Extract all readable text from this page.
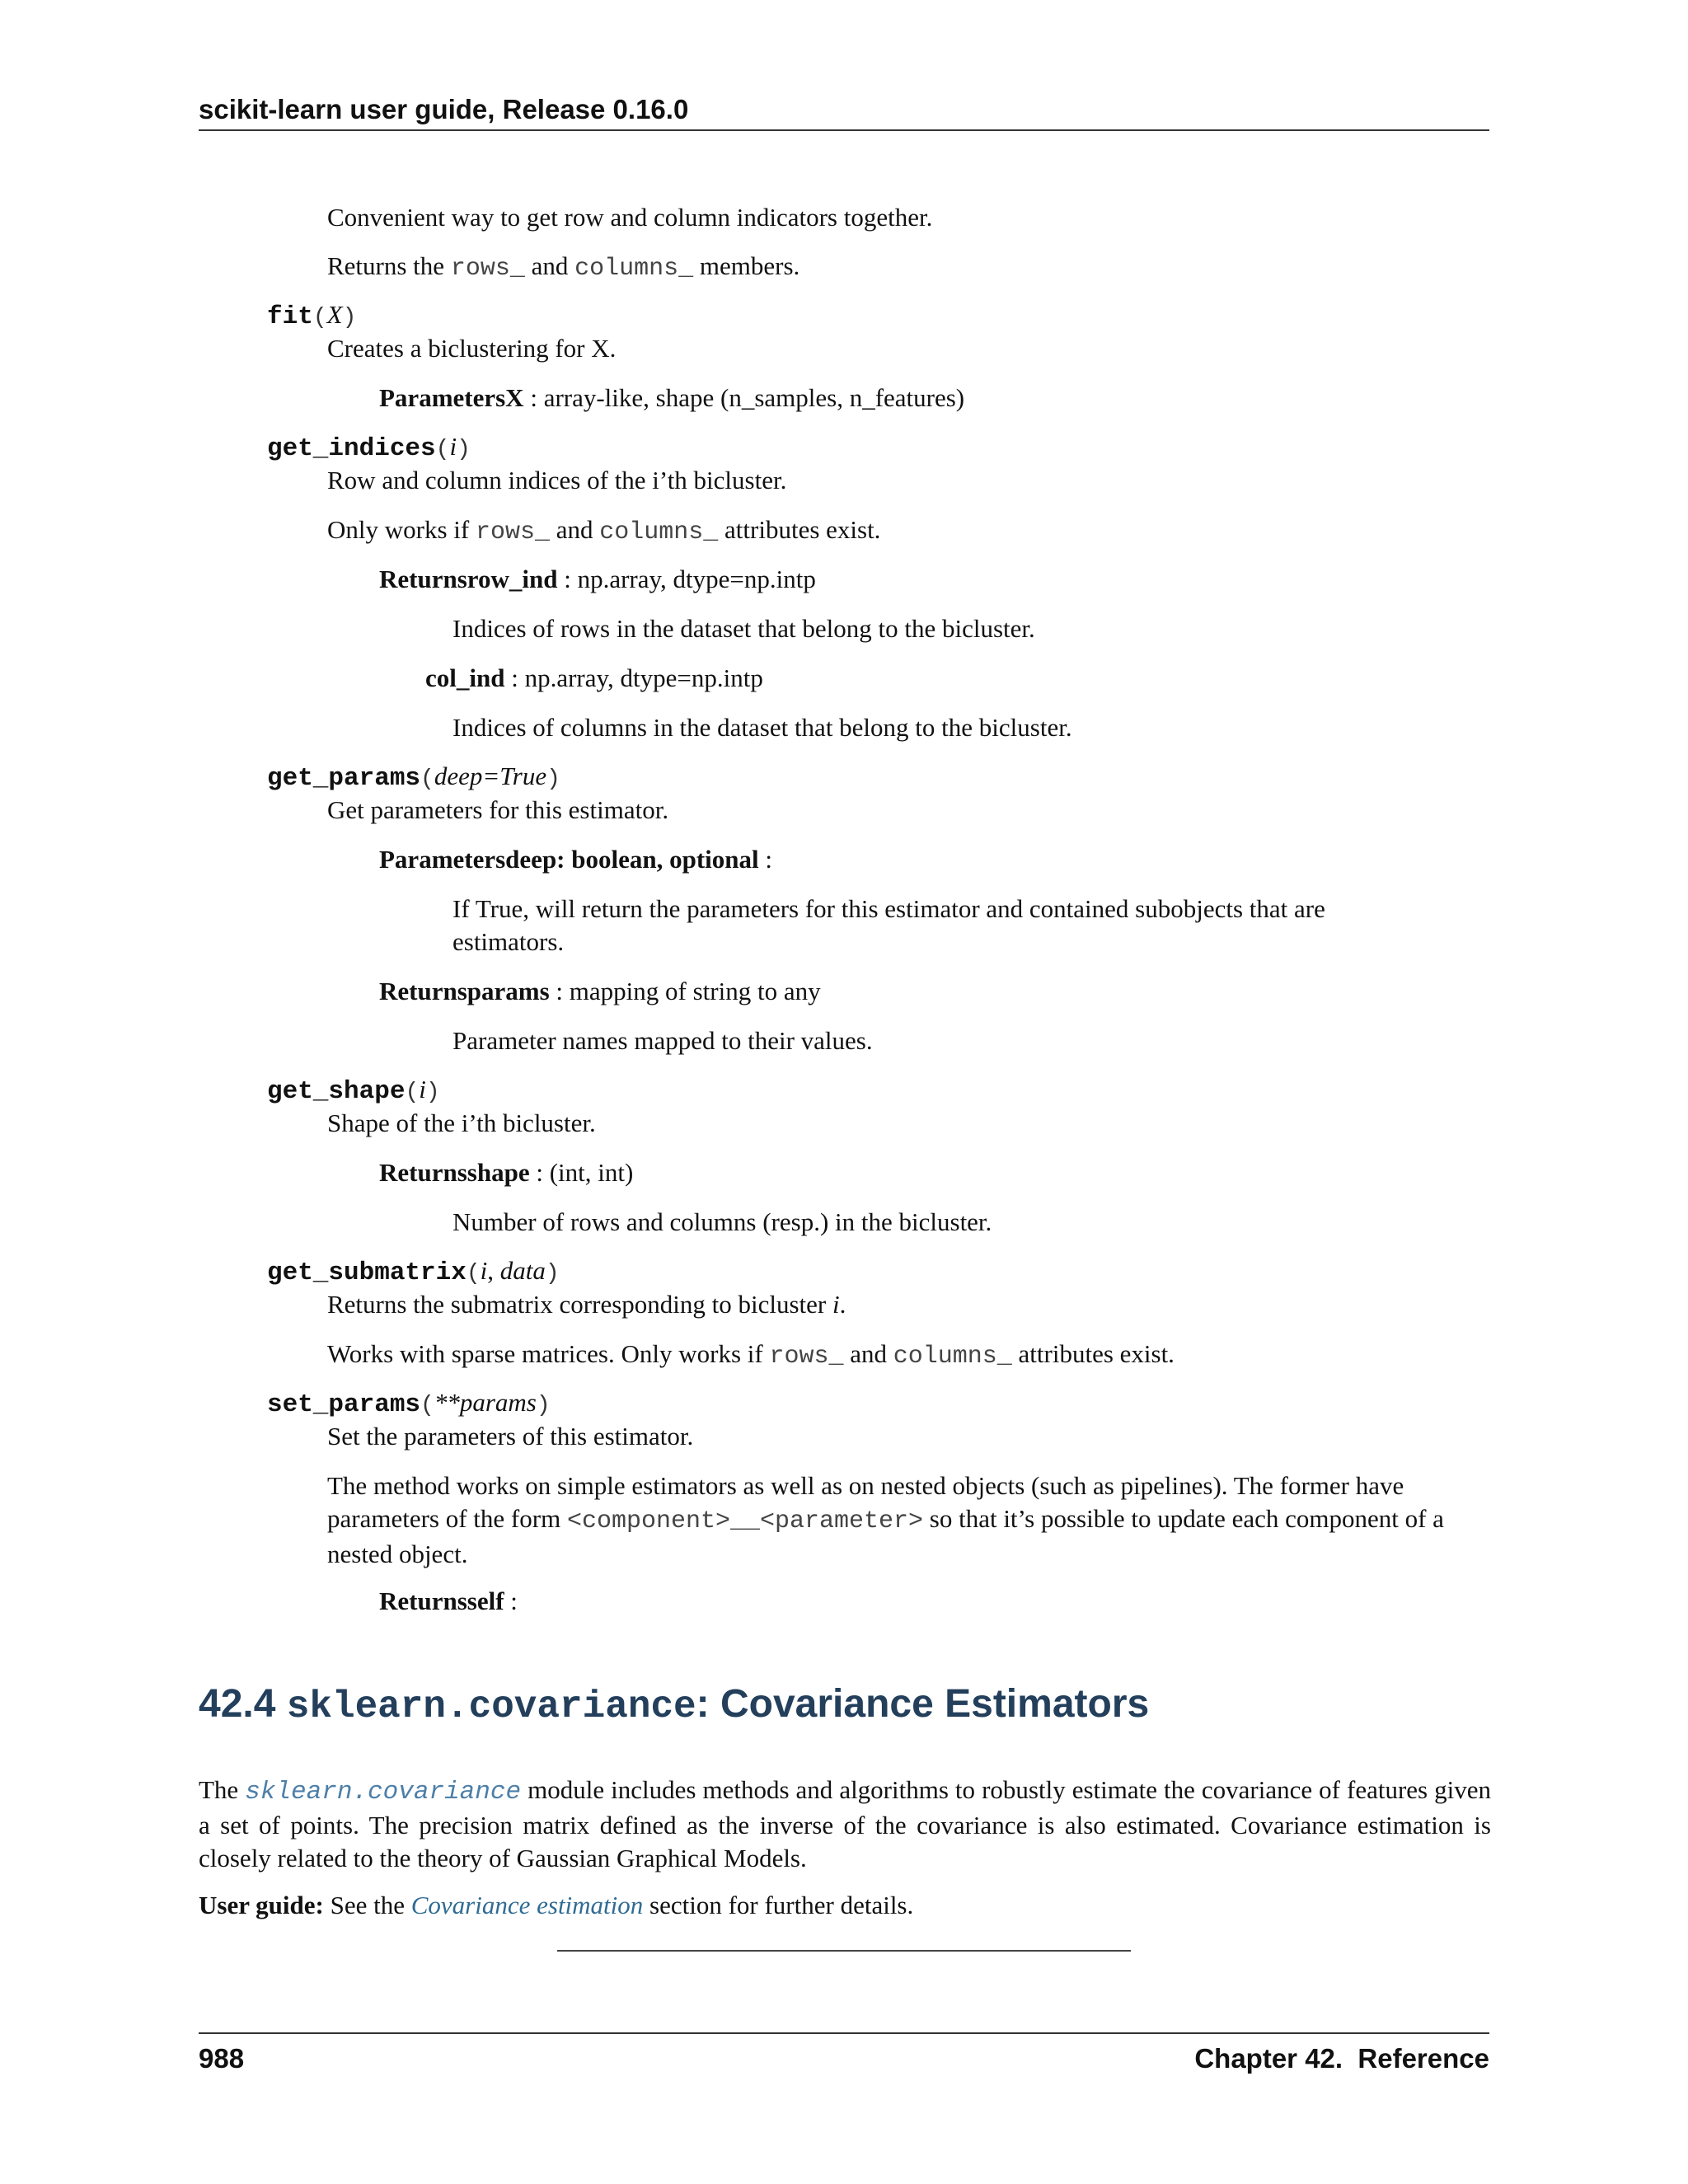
scikit-learn user guide, Release 0.16.0
Convenient way to get row and column indicators together.
Returns the rows_ and columns_ members.
fit(X)
Creates a biclustering for X.
ParametersX : array-like, shape (n_samples, n_features)
get_indices(i)
Row and column indices of the i’th bicluster.
Only works if rows_ and columns_ attributes exist.
Returnsrow_ind : np.array, dtype=np.intp
Indices of rows in the dataset that belong to the bicluster.
col_ind : np.array, dtype=np.intp
Indices of columns in the dataset that belong to the bicluster.
get_params(deep=True)
Get parameters for this estimator.
Parametersdeep: boolean, optional :
If True, will return the parameters for this estimator and contained subobjects that are estimators.
Returnsparams : mapping of string to any
Parameter names mapped to their values.
get_shape(i)
Shape of the i’th bicluster.
Returnsshape : (int, int)
Number of rows and columns (resp.) in the bicluster.
get_submatrix(i, data)
Returns the submatrix corresponding to bicluster i.
Works with sparse matrices. Only works if rows_ and columns_ attributes exist.
set_params(**params)
Set the parameters of this estimator.
The method works on simple estimators as well as on nested objects (such as pipelines). The former have parameters of the form <component>__<parameter> so that it’s possible to update each component of a nested object.
Returnsself :
42.4 sklearn.covariance: Covariance Estimators
The sklearn.covariance module includes methods and algorithms to robustly estimate the covariance of features given a set of points. The precision matrix defined as the inverse of the covariance is also estimated. Covariance estimation is closely related to the theory of Gaussian Graphical Models.
User guide: See the Covariance estimation section for further details.
988	Chapter 42.  Reference
